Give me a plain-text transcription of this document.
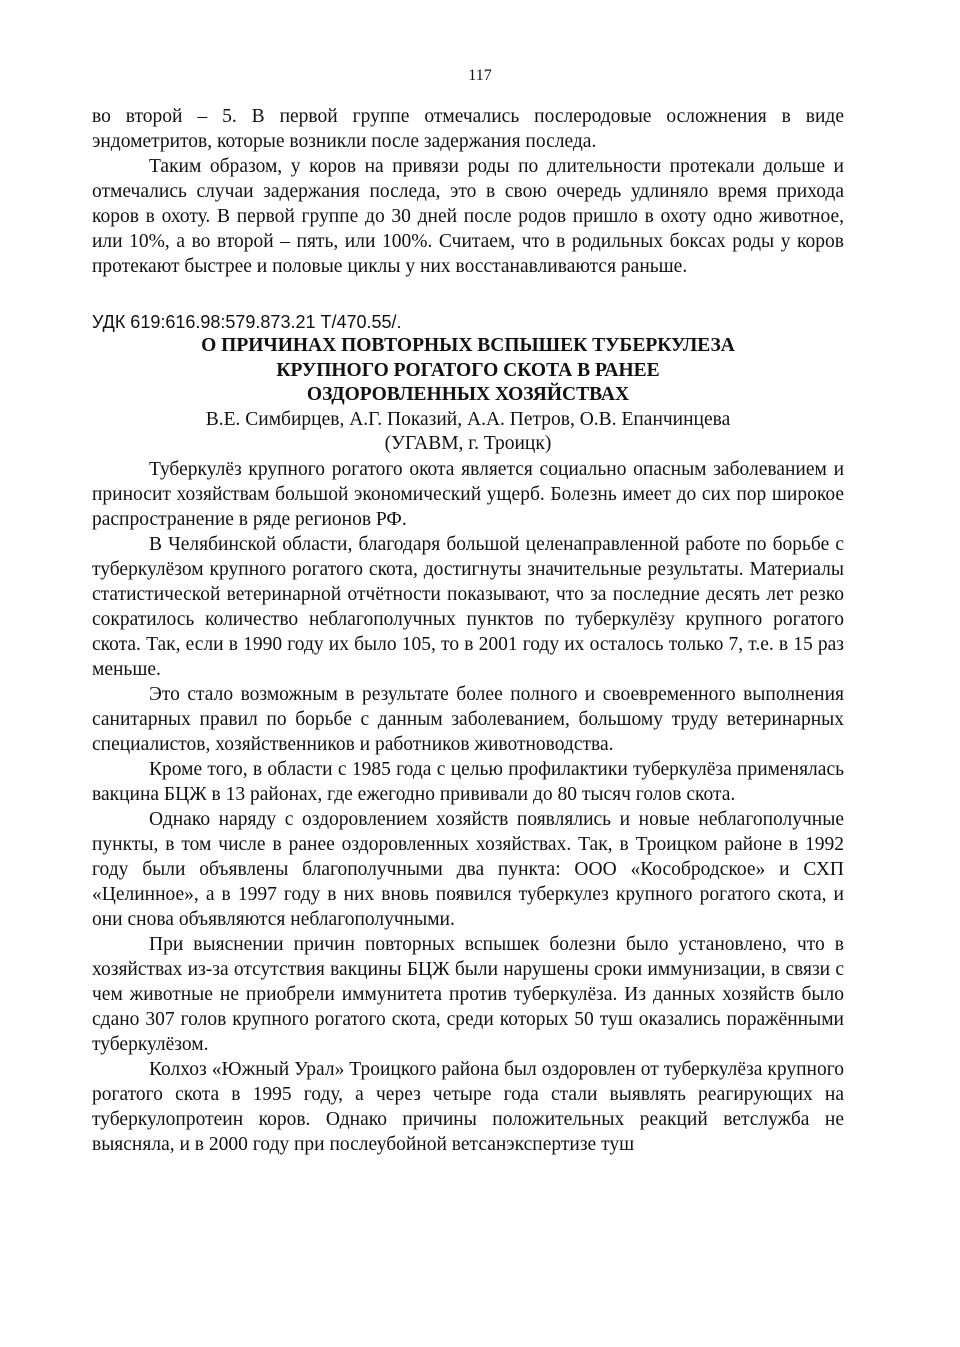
117

во второй – 5. В первой группе отмечались послеродовые осложнения в виде эндометритов, которые возникли после задержания последа.

Таким образом, у коров на привязи роды по длительности протекали дольше и отмечались случаи задержания последа, это в свою очередь удлиняло время прихода коров в охоту. В первой группе до 30 дней после родов пришло в охоту одно животное, или 10%, а во второй – пять, или 100%. Считаем, что в родильных боксах роды у коров протекают быстрее и половые циклы у них восстанавливаются раньше.

УДК 619:616.98:579.873.21 Т/470.55/.

О ПРИЧИНАХ ПОВТОРНЫХ ВСПЫШЕК ТУБЕРКУЛЕЗА
КРУПНОГО РОГАТОГО СКОТА В РАНЕЕ
ОЗДОРОВЛЕННЫХ ХОЗЯЙСТВАХ

В.Е. Симбирцев, А.Г. Показий, А.А. Петров, О.В. Епанчинцева

(УГАВМ, г. Троицк)

Туберкулёз крупного рогатого окота является социально опасным заболеванием и приносит хозяйствам большой экономический ущерб. Болезнь имеет до сих пор широкое распространение в ряде регионов РФ.

В Челябинской области, благодаря большой целенаправленной работе по борьбе с туберкулёзом крупного рогатого скота, достигнуты значительные результаты. Материалы статистической ветеринарной отчётности показывают, что за последние десять лет резко сократилось количество неблагополучных пунктов по туберкулёзу крупного рогатого скота. Так, если в 1990 году их было 105, то в 2001 году их осталось только 7, т.е. в 15 раз меньше.

Это стало возможным в результате более полного и своевременного выполнения санитарных правил по борьбе с данным заболеванием, большому труду ветеринарных специалистов, хозяйственников и работников животноводства.

Кроме того, в области с 1985 года с целью профилактики туберкулёза применялась вакцина БЦЖ в 13 районах, где ежегодно прививали до 80 тысяч голов скота.

Однако наряду с оздоровлением хозяйств появлялись и новые неблагополучные пункты, в том числе в ранее оздоровленных хозяйствах. Так, в Троицком районе в 1992 году были объявлены благополучными два пункта: ООО «Кособродское» и СХП «Целинное», а в 1997 году в них вновь появился туберкулез крупного рогатого скота, и они снова объявляются неблагополучными.

При выяснении причин повторных вспышек болезни было установлено, что в хозяйствах из-за отсутствия вакцины БЦЖ были нарушены сроки иммунизации, в связи с чем животные не приобрели иммунитета против туберкулёза. Из данных хозяйств было сдано 307 голов крупного рогатого скота, среди которых 50 туш оказались поражёнными туберкулёзом.

Колхоз «Южный Урал» Троицкого района был оздоровлен от туберкулёза крупного рогатого скота в 1995 году, а через четыре года стали выявлять реагирующих на туберкулопротеин коров. Однако причины положительных реакций ветслужба не выясняла, и в 2000 году при послеубойной ветсанэкспертизе туш
